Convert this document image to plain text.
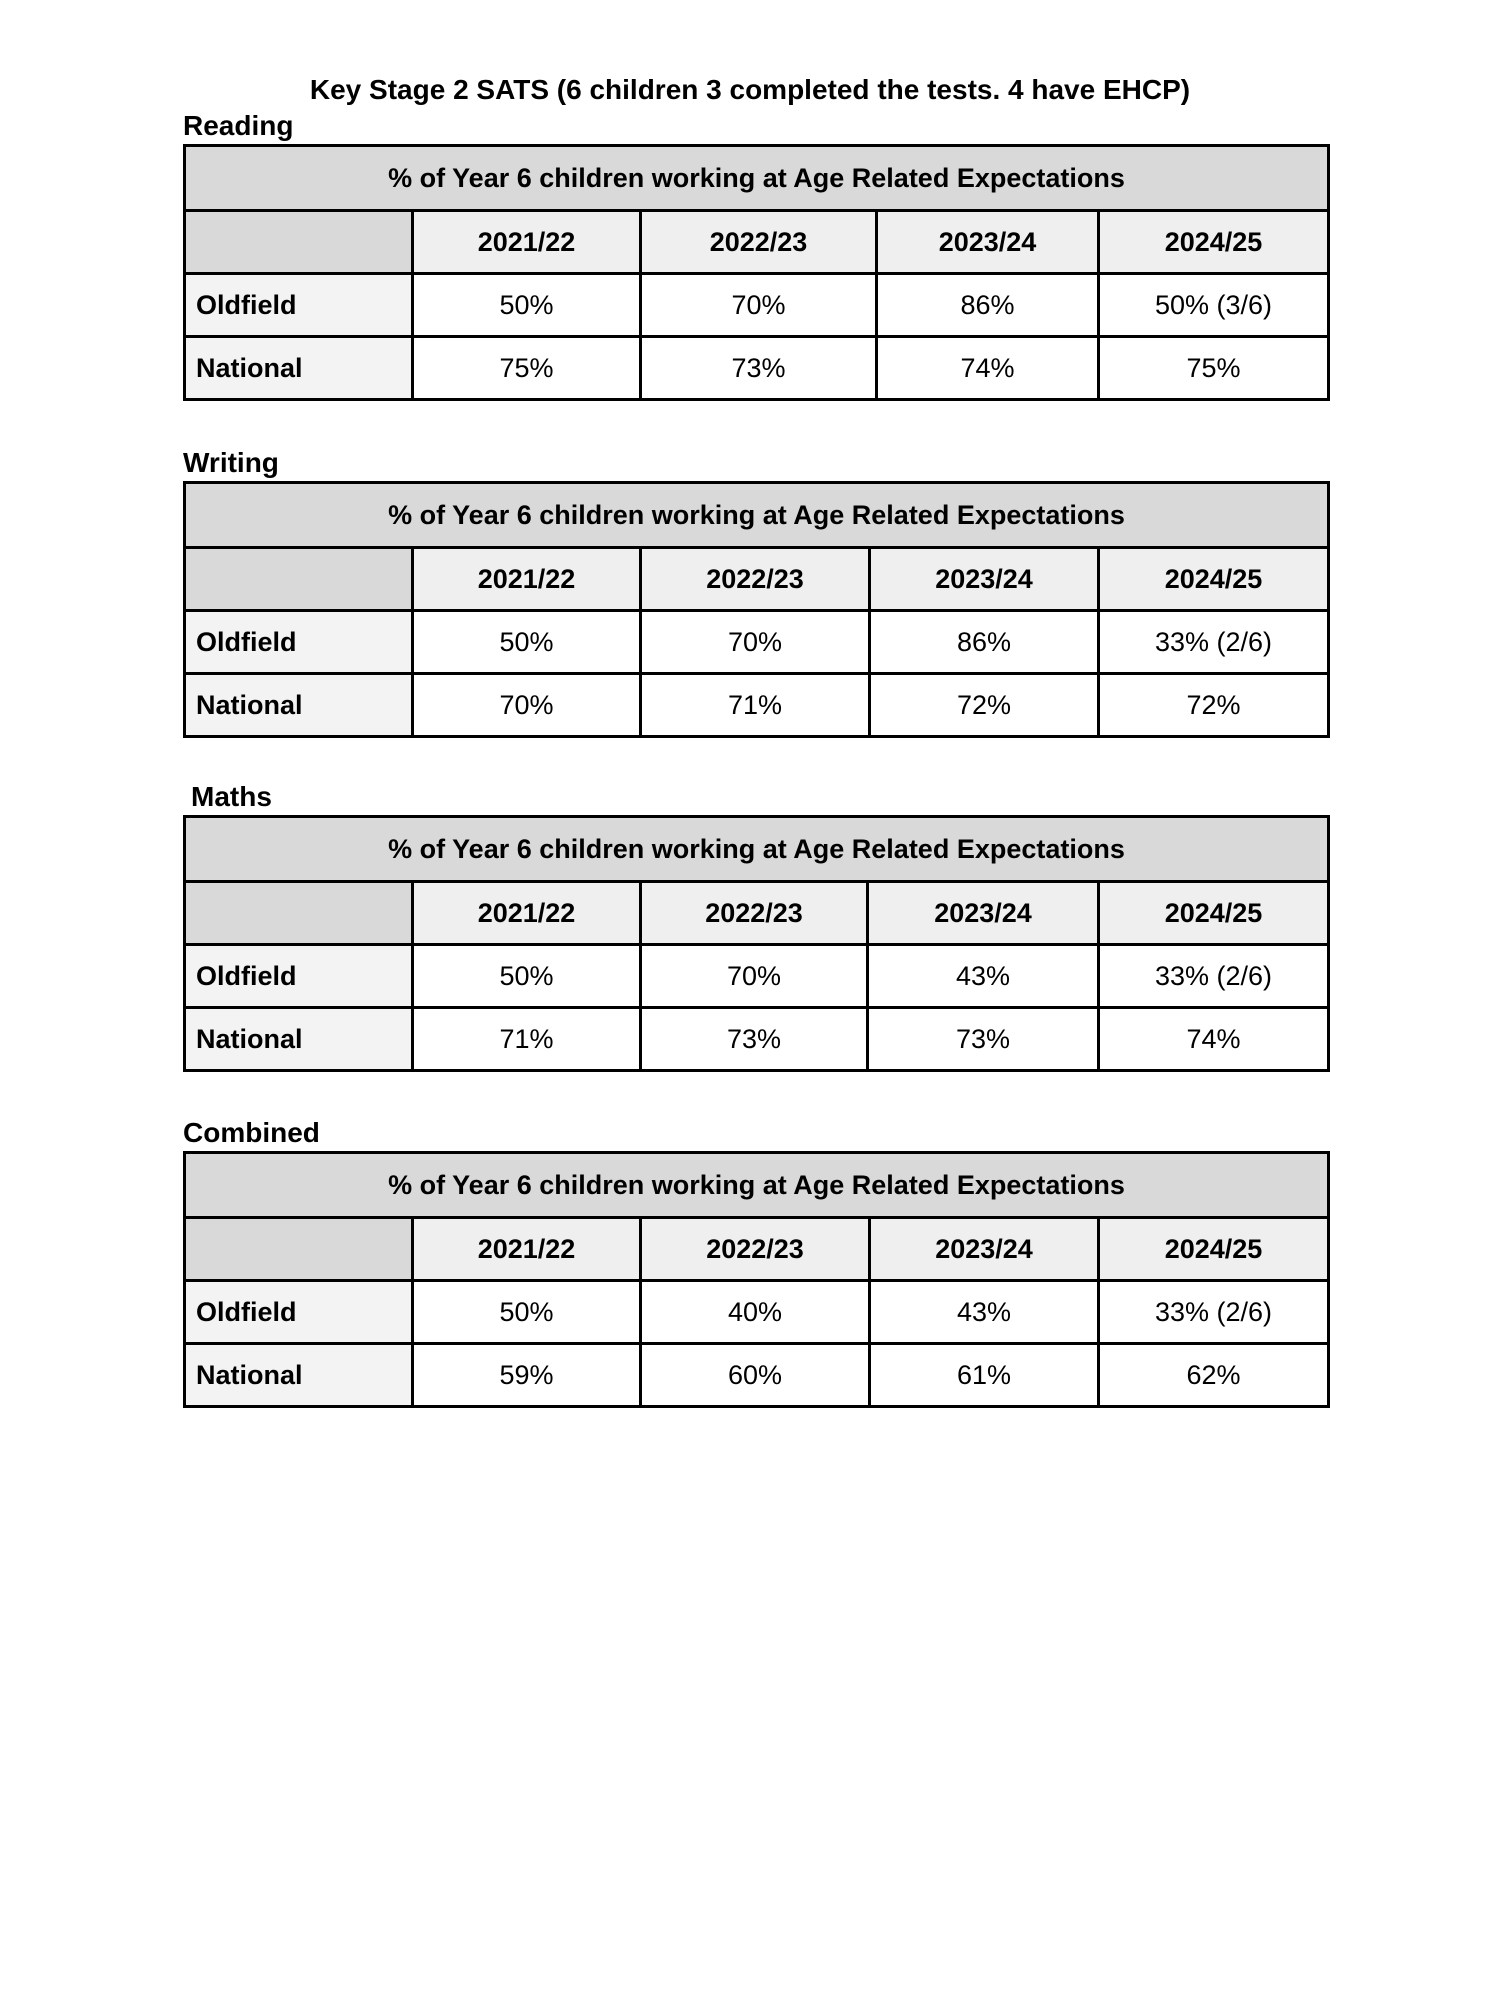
Key Stage 2 SATS (6 children 3 completed the tests. 4 have EHCP)
Reading
% of Year 6 children working at Age Related Expectations				
	2021/22	2022/23	2023/24	2024/25
Oldfield	50%	70%	86%	50% (3/6)
National	75%	73%	74%	75%
Writing
% of Year 6 children working at Age Related Expectations				
	2021/22	2022/23	2023/24	2024/25
Oldfield	50%	70%	86%	33% (2/6)
National	70%	71%	72%	72%
Maths
% of Year 6 children working at Age Related Expectations				
	2021/22	2022/23	2023/24	2024/25
Oldfield	50%	70%	43%	33% (2/6)
National	71%	73%	73%	74%
Combined
% of Year 6 children working at Age Related Expectations				
	2021/22	2022/23	2023/24	2024/25
Oldfield	50%	40%	43%	33% (2/6)
National	59%	60%	61%	62%
